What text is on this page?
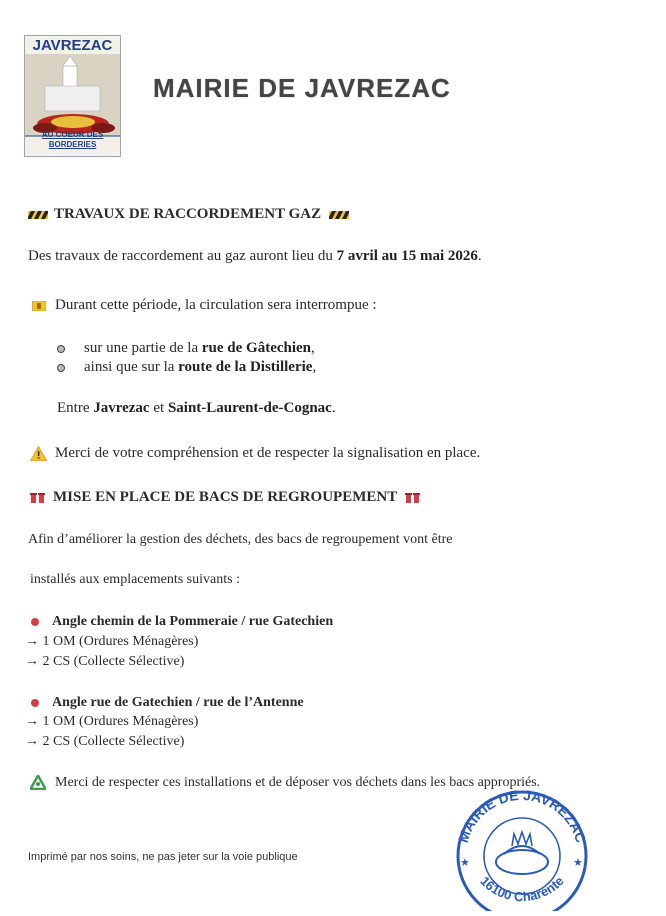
JAVREZAC
AU COEUR DES BORDERIES
MAIRIE DE JAVREZAC
TRAVAUX DE RACCORDEMENT GAZ
Des travaux de raccordement au gaz auront lieu du 7 avril au 15 mai 2026.
Durant cette période, la circulation sera interrompue :
sur une partie de la rue de Gâtechien,
ainsi que sur la route de la Distillerie,
Entre Javrezac et Saint-Laurent-de-Cognac.
Merci de votre compréhension et de respecter la signalisation en place.
MISE EN PLACE DE BACS DE REGROUPEMENT
Afin d’améliorer la gestion des déchets, des bacs de regroupement vont être
installés aux emplacements suivants :
Angle chemin de la Pommeraie / rue Gatechien
→ 1 OM (Ordures Ménagères)
→ 2 CS (Collecte Sélective)
Angle rue de Gatechien / rue de l’Antenne
→ 1 OM (Ordures Ménagères)
→ 2 CS (Collecte Sélective)
Merci de respecter ces installations et de déposer vos déchets dans les bacs appropriés.
Imprimé par nos soins, ne pas jeter sur la voie publique
MAIRIE DE JAVREZAC
16100 Charente
★	★
